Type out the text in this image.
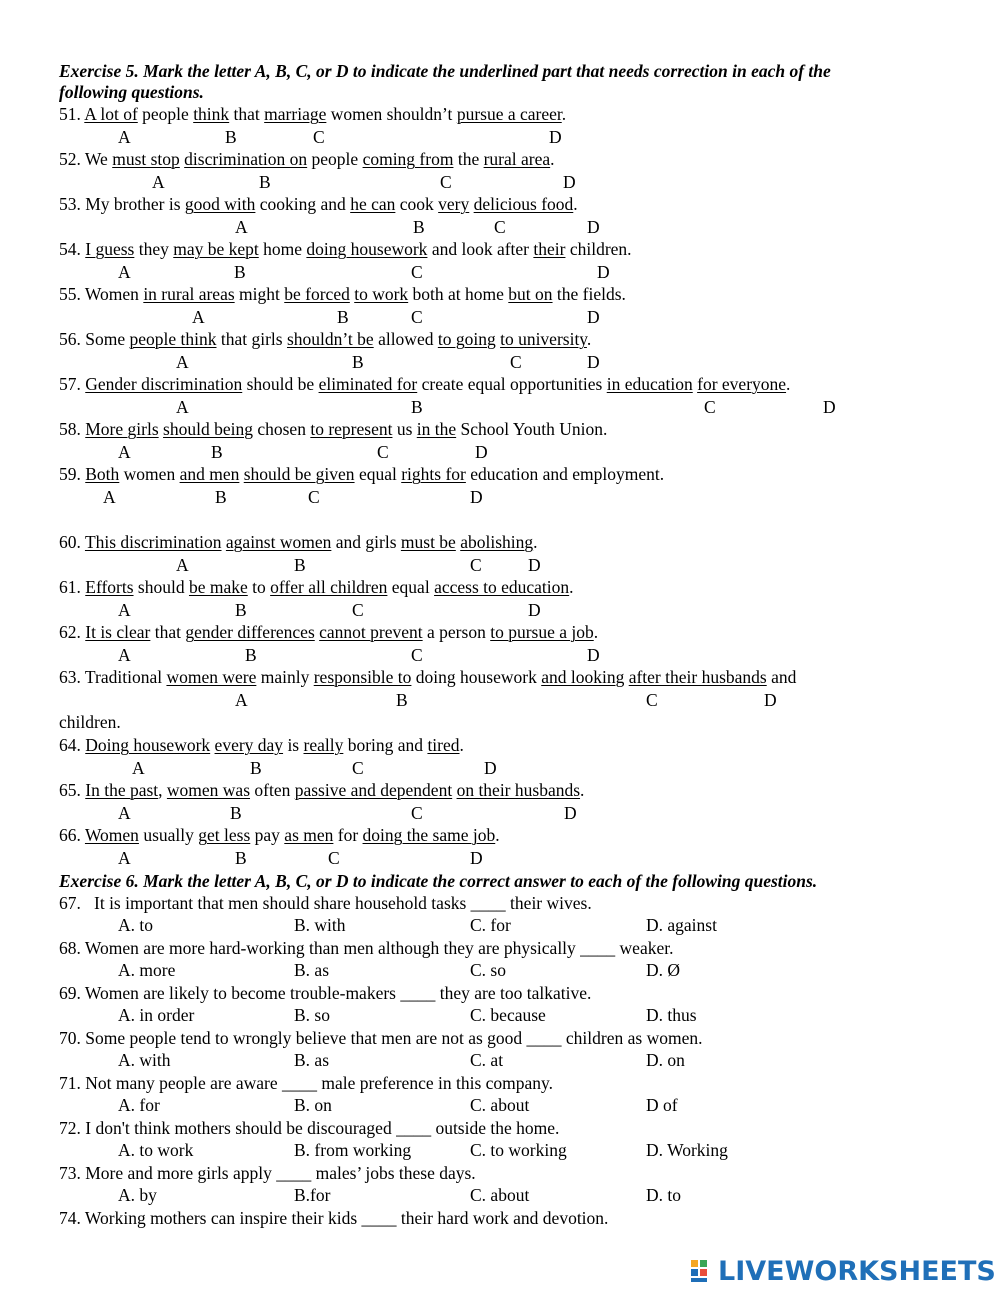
Exercise 5. Mark the letter A, B, C, or D to indicate the underlined part that needs correction in each of the
following questions.
51. A lot of people think that marriage women shouldn’t pursue a career.
52. We must stop discrimination on people coming from the rural area.
53. My brother is good with cooking and he can cook very delicious food.
54. I guess they may be kept home doing housework and look after their children.
55. Women in rural areas might be forced to work both at home but on the fields.
56. Some people think that girls shouldn’t be allowed to going to university.
57. Gender discrimination should be eliminated for create equal opportunities in education for everyone.
58. More girls should being chosen to represent us in the School Youth Union.
59. Both women and men should be given equal rights for education and employment.
60. This discrimination against women and girls must be abolishing.
61. Efforts should be make to offer all children equal access to education.
62. It is clear that gender differences cannot prevent a person to pursue a job.
63. Traditional women were mainly responsible to doing housework and looking after their husbands and
children.
64. Doing housework every day is really boring and tired.
65. In the past, women was often passive and dependent on their husbands.
66. Women usually get less pay as men for doing the same job.
A	B	C	D
A	B	C	D
A	B	C	D
A	B	C	D
A	B	C	D
A	B	C	D
A	B	C	D
A	B	C	D
A	B	C	D
A	B	C	D
A	B	C	D
A	B	C	D
A	B	C	D
A	B	C	D
A	B	C	D
A	B	C	D
Exercise 6. Mark the letter A, B, C, or D to indicate the correct answer to each of the following questions.
67.   It is important that men should share household tasks ____ their wives.
A. to	B. with	C. for	D. against
68. Women are more hard-working than men although they are physically ____ weaker.
A. more	B. as	C. so	D. Ø
69. Women are likely to become trouble-makers ____ they are too talkative.
A. in order	B. so	C. because	D. thus
70. Some people tend to wrongly believe that men are not as good ____ children as women.
A. with	B. as	C. at	D. on
71. Not many people are aware ____ male preference in this company.
A. for	B. on	C. about	D of
72. I don't think mothers should be discouraged ____ outside the home.
A. to work	B. from working	C. to working	D. Working
73. More and more girls apply ____ males’ jobs these days.
A. by	B.for	C. about	D. to
74. Working mothers can inspire their kids ____ their hard work and devotion.
LIVEWORKSHEETS
